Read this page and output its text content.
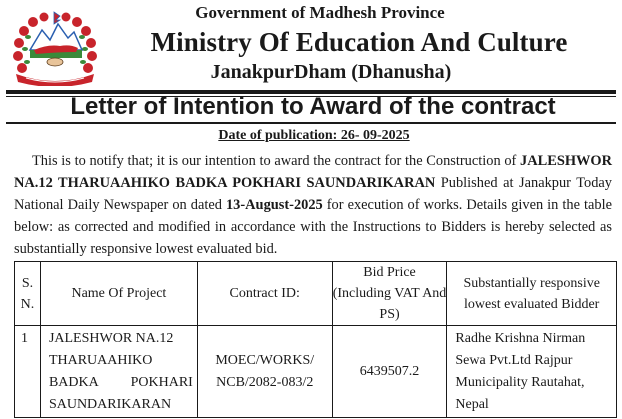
Government of Madhesh Province
Ministry Of Education And Culture
JanakpurDham (Dhanusha)
Letter of Intention to Award of the contract
Date of publication: 26- 09-2025

This is to notify that; it is our intention to award the contract for the Construction of JALESHWOR NA.12 THARUAAHIKO BADKA POKHARI SAUNDARIKARAN Published at Janakpur Today National Daily Newspaper on dated 13-August-2025 for execution of works. Details given in the table below: as corrected and modified in accordance with the Instructions to Bidders is hereby selected as substantially responsive lowest evaluated bid.

S. N.	Name Of Project	Contract ID:	Bid Price (Including VAT And PS)	Substantially responsive lowest evaluated Bidder
1	JALESHWOR NA.12
THARUAAHIKO
BADKA POKHARI
SAUNDARIKARAN	MOEC/WORKS/ NCB/2082-083/2	6439507.2	Radhe Krishna Nirman Sewa Pvt.Ltd Rajpur Municipality Rautahat, Nepal
